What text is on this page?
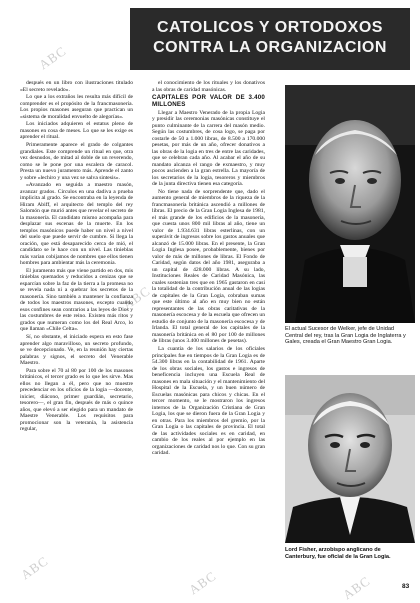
ABC
ABC
ABC
ABC
ABC
CATOLICOS Y ORTODOXOS
CONTRA LA ORGANIZACION

después en un libro con ilustraciones titulado «El secreto revelado».

Lo que a los extraños les resulta más difícil de comprender es el propósito de la francmasonería. Los propios masones aseguran que practican un «sistema de moralidad envuelto de alegorías».

Los iniciados adquieren el estatus pleno de masones en cosa de meses. Lo que se les exige es aprender el ritual.

Primeramente aparece el grado de colgantes grandiales. Este comprende un ritual en que, otra vez desnudos, de mitad al doble de un reverendo, como se le pone por una escalera de caracol. Presta un nuevo juramento más. Aprende el zanto y sobre «lechiro y una vez se salva sintesis».

«Avanzado en seguida a maestro masón, avanzar grados. Circulos en una dadiva a prueba implicita al grado. Se encontraba en la leyenda de Hiram Abiff, el arquitecto del templo del rey Salomón que murió antes que revelar el secreto de la masonería. El candidato mismo acompaña para desplazar sus escenas de la muerte. En los templos masónicos puede haber un nivel a nivel del suelo que puede servir de cumbre. Si llega la oración, que está desaparecido cerca de mió, el candidato se le hace con un nivel. Las tinieblas más varían cobijamos de nombres que ellos tienen hombres para ambientar más la ceremonia.

El juramento más que viene partido en dos, mis tinieblas quemados y reducidos a cenizas que se esparcían sobre la faz de la tierra a la promesa no se revela nada ni a quebrar los secretos de la masonería. Sino también a mantener la confianza de todos los maestros masones, excepto cuando esos confines sean contrarios a las leyes de Dios y las costumbres de este reino. Existen más ritos y grados que numeran como los del Real Arco, lo que llaman «Chile Celta».

Sí, no obstante, el iniciado espera en esto fase aprender algo maravilloso, un secreto profundo, se ve decepcionado. Ve, en la reunión hay ciertas palabras y signos, el secreto del Venerable Maestro.

Para sobre el 70 al 80 por 100 de los masones británicos, el tercer grado es lo que les sirve. Mas ellos no llegan a él, pero que no muestre precedenciar en los oficios de la logia —docente, inicier, diácono, primer guardián, secretario, tesorero—, el gran fin, después de más o quince años, que elevó a ser elegido para un mandato de Maestre Venerable. Los requisitos para promocionar son la veteranía, la asistencia regular,

el conocimiento de los rituales y los donativos a las obras de caridad masónicas.

CAPITALES POR VALOR DE 3.400 MILLONES

Llegar a Maestro Venerado de la propia Logia y presidir las ceremonias masónicas constituye el punto culminante de la carrera del masón medio. Según las costumbres, de cosa logo, se paga por costarle de 50 a 1.000 libras, de 8.500 a 170.000 pesetas, por más de un año, ofrecer donativos a las obras de la logia en tres de entre las caridades, que se celebran cada año. Al acabar el año de su mandato alcanza el rango de exmaestro, y muy pocos ascienden a la gran estrella. La mayoría de los secretarios de la logia, tesoreros y miembros de la junta directiva tienen esa categoría.

No tiene nada de sorprendente que, dado el aumento general de miembros de la riqueza de la francmasonería británica ascendió a millones de libras. El precio de la Gran Logia Inglesa de 1981, el más grande de los edificios de la masonería, que cuesta unos 800 mil libras al año, tiene un valor de 1.934.631 libras esterlinas, con un superávit de ingresos sobre los gastos anuales que alcanzó de 15.000 libras. En el presente, la Gran Logia Inglesa posee, probablemente, bienes por valor de más de millones de libras. El Fondo de Caridad, según datos del año 1981, aseguraba a un capital de 428.000 libras. A su lado, Instituciones Reales de Caridad Masónica, las cuales sostenían tres que en 1965 gastaron en casi la totalidad de la contribución anual de las logias de capitales de la Gran Logia, cobraban sumas que este último al año en muy bien no están representantes de las obras caritativas de la masonería escocesa y de la escuela que ofrecen un estudio de conjunto de la masonería escocesa y de Irlanda. El total general de los capitales de la masonería británica en el 80 por 100 de millones de libras (unos 3.400 millones de pesetas).

La cuantía de los salarios de los oficiales principales fue en tiempos de la Gran Logia es de 54.300 libras en la contabilidad de 1961. Aparte de los obras sociales, los gastos e ingresos de beneficencia incluyen una Escuela Real de masones en mala situación y el mantenimiento del Hospital de la Escuela, y un buen número de Escuelas masónicas para chicos y chicas. En el tercer momento, se le mostraron los ingresos internos de la Organización Cristiana de Gran Logia, los que se dieron fuera de la Gran Logia y en otras. Para los miembros del gremio, por la Gran Logia o las capitales de provincia. El total de las actividades sociales es en caridad, en cambio de los reales al por ejemplo en las organizaciones de caridad nos lo que. Con su gran caridad.

El actual Sucesor de Welker, jefe de Unidad Central del rey, tras la Gran Logia de Inglaterra y Gales, creada el Gran Maestro Gran Logia.
Lord Fisher, arzobispo anglicano de Canterbury, fue oficial de la Gran Logia.
83
